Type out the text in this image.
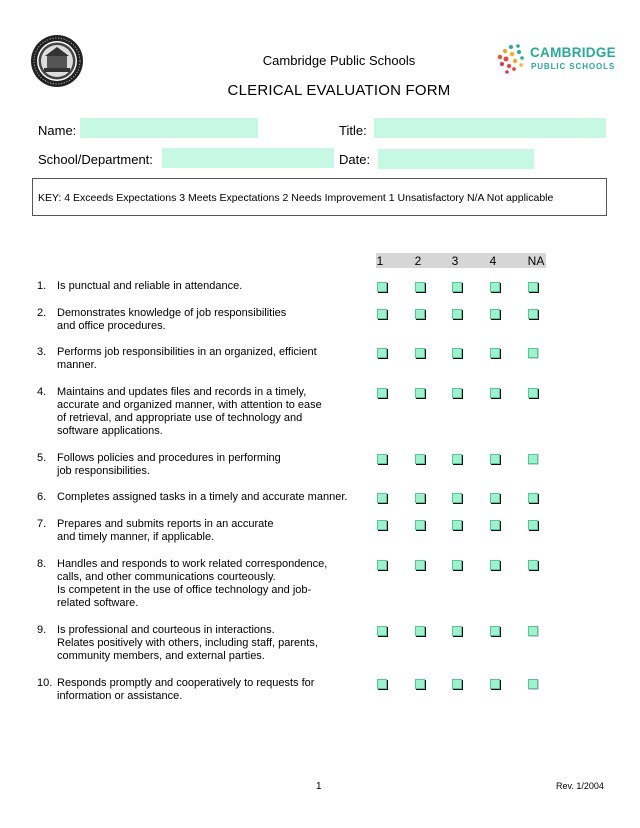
Cambridge Public Schools
CLERICAL EVALUATION FORM
CAMBRIDGE
PUBLIC SCHOOLS
Name:	Title:
School/Department:	Date:
KEY: 4 Exceeds Expectations 3 Meets Expectations 2 Needs Improvement 1 Unsatisfactory N/A Not applicable
1	2	3	4	NA
1. Is punctual and reliable in attendance.
2. Demonstrates knowledge of job responsibilities
and office procedures.
3. Performs job responsibilities in an organized, efficient
manner.
4. Maintains and updates files and records in a timely,
accurate and organized manner, with attention to ease
of retrieval, and appropriate use of technology and
software applications.
5. Follows policies and procedures in performing
job responsibilities.
6. Completes assigned tasks in a timely and accurate manner.
7. Prepares and submits reports in an accurate
and timely manner, if applicable.
8. Handles and responds to work related correspondence,
calls, and other communications courteously.
Is competent in the use of office technology and job-
related software.
9. Is professional and courteous in interactions.
Relates positively with others, including staff, parents,
community members, and external parties.
10. Responds promptly and cooperatively to requests for
information or assistance.
1	Rev. 1/2004
